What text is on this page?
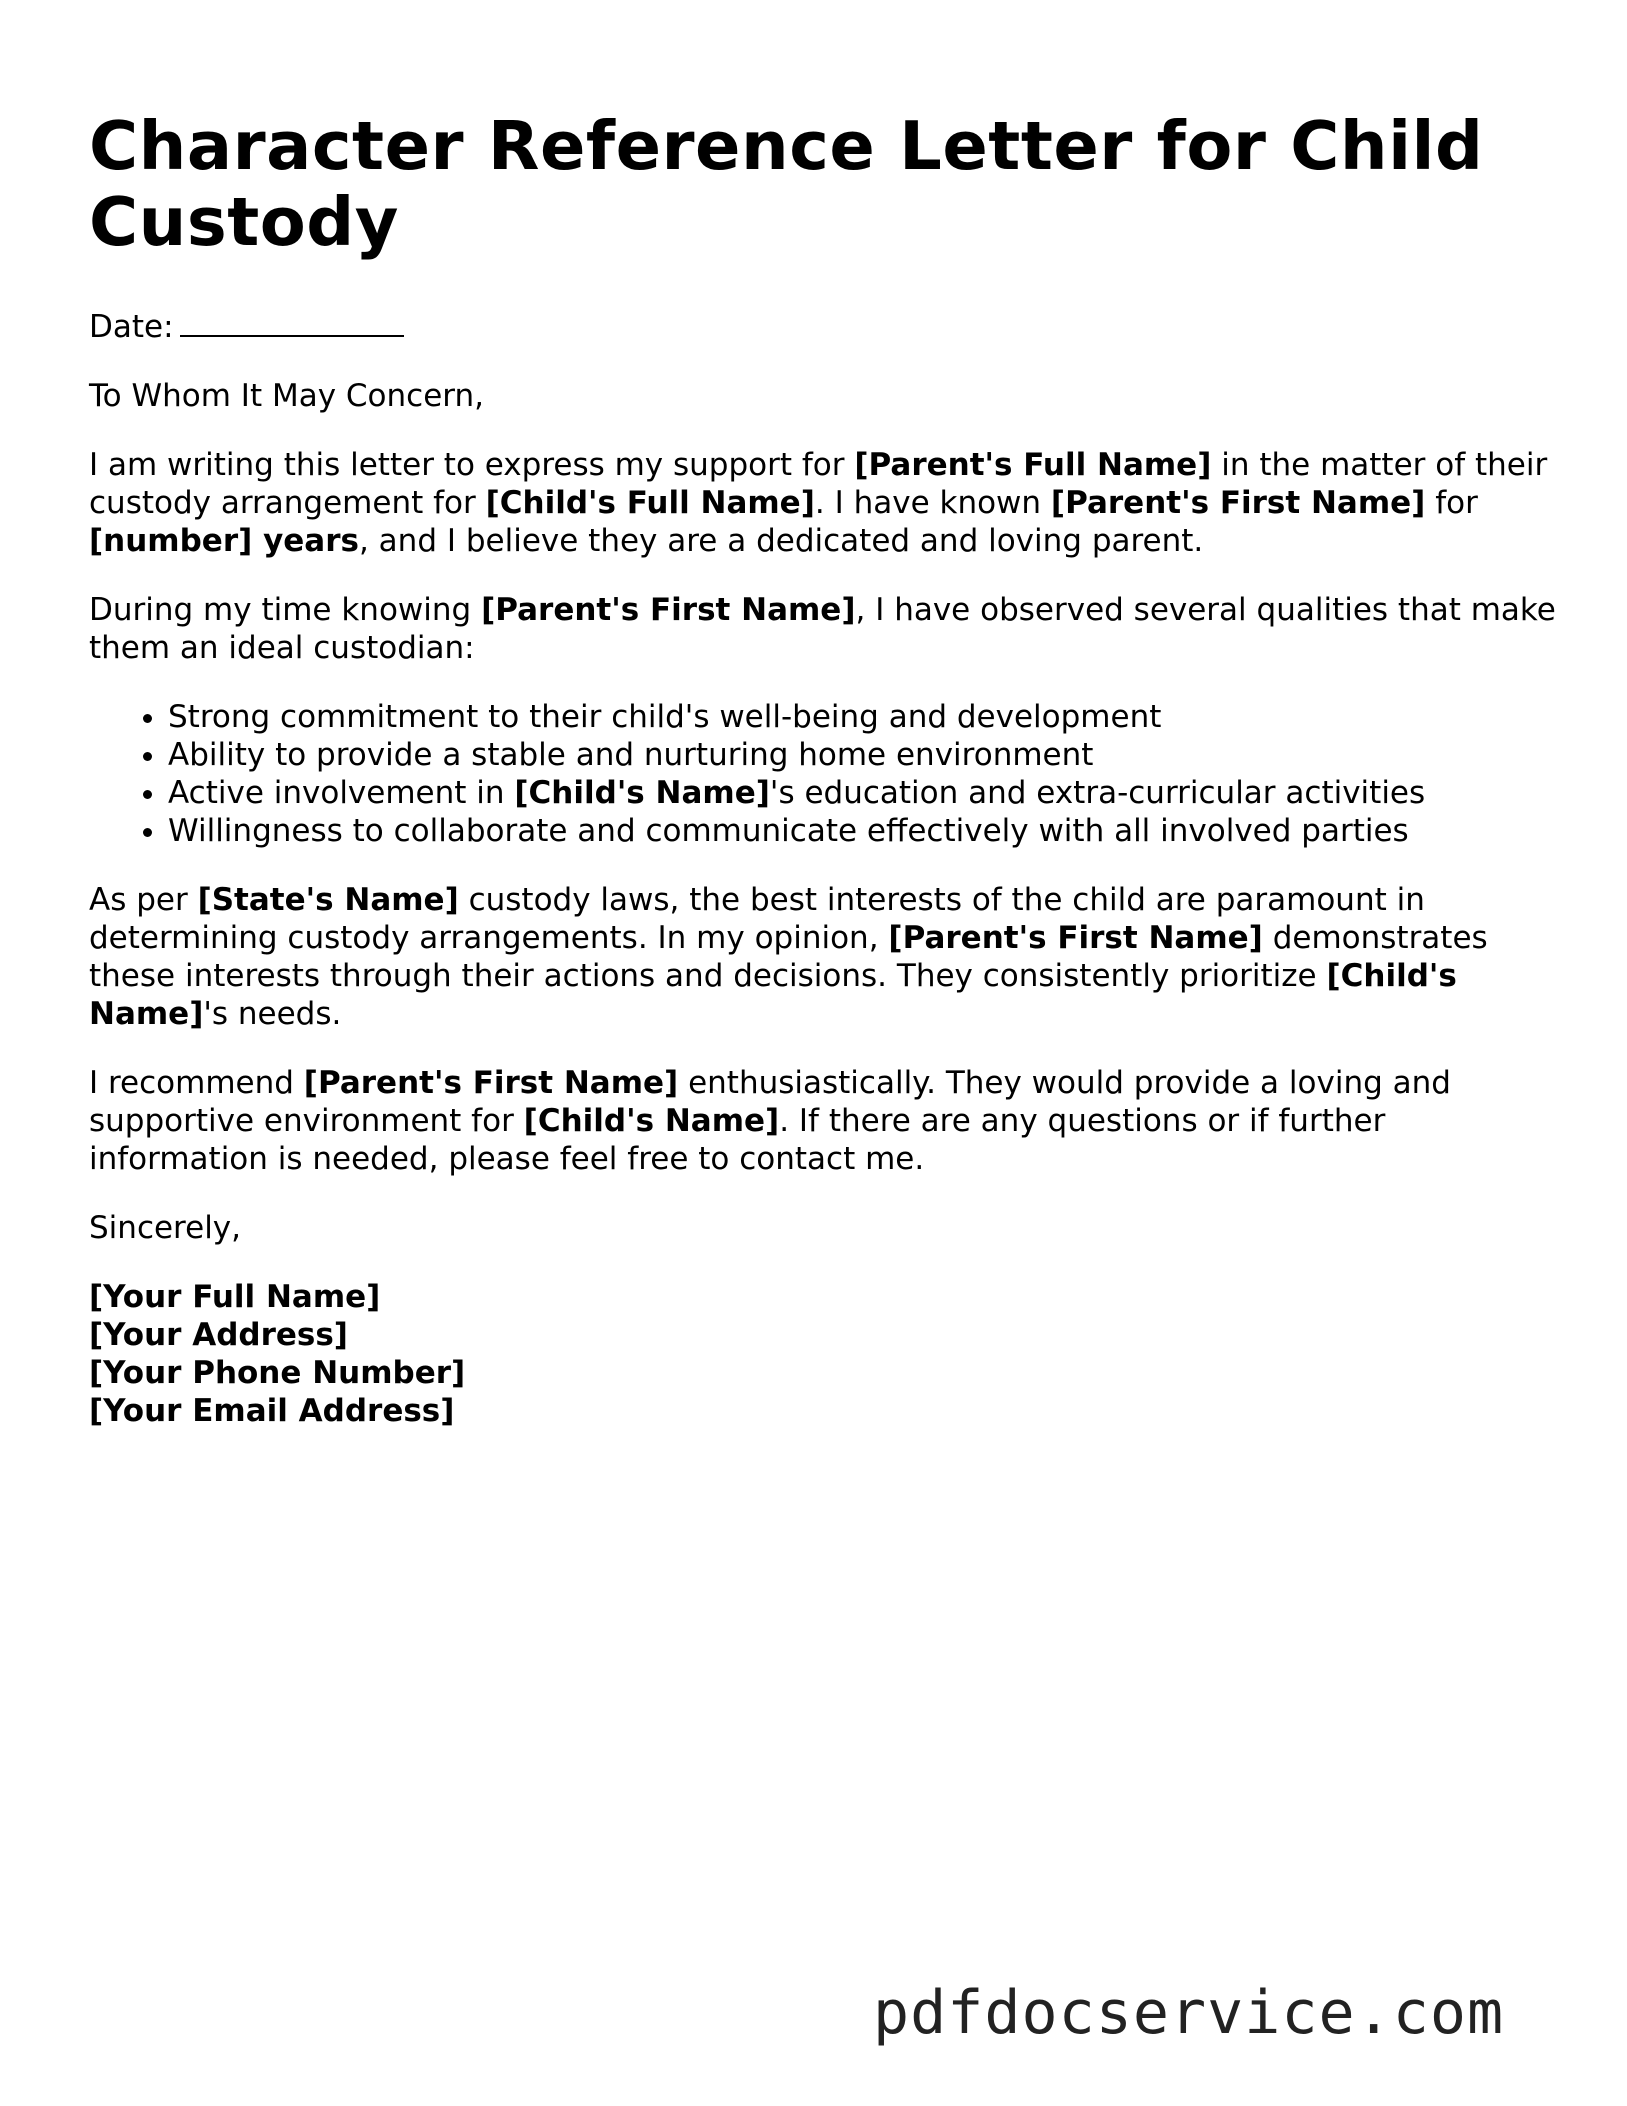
Character Reference Letter for Child Custody

Date:

To Whom It May Concern,

I am writing this letter to express my support for [Parent's Full Name] in the matter of their custody arrangement for [Child's Full Name]. I have known [Parent's First Name] for [number] years, and I believe they are a dedicated and loving parent.

During my time knowing [Parent's First Name], I have observed several qualities that make them an ideal custodian:

• Strong commitment to their child's well-being and development
• Ability to provide a stable and nurturing home environment
• Active involvement in [Child's Name]'s education and extra-curricular activities
• Willingness to collaborate and communicate effectively with all involved parties

As per [State's Name] custody laws, the best interests of the child are paramount in determining custody arrangements. In my opinion, [Parent's First Name] demonstrates these interests through their actions and decisions. They consistently prioritize [Child's Name]'s needs.

I recommend [Parent's First Name] enthusiastically. They would provide a loving and supportive environment for [Child's Name]. If there are any questions or if further information is needed, please feel free to contact me.

Sincerely,

[Your Full Name]

[Your Address]

[Your Phone Number]

[Your Email Address]

pdfdocservice.com
